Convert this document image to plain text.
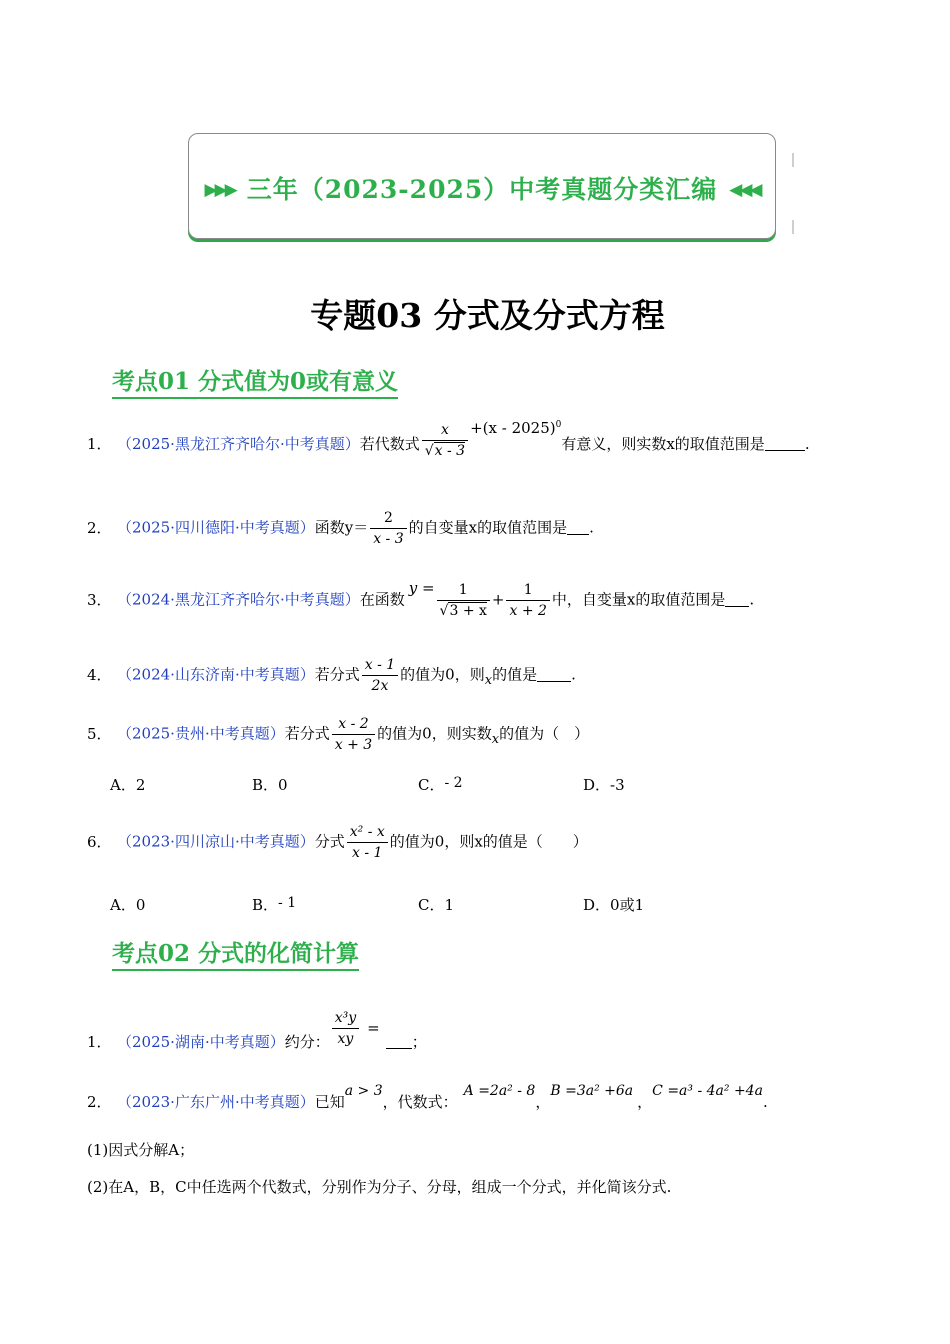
▶▶▶ 三年（2023-2025）中考真题分类汇编 ◀◀◀
专题03 分式及分式方程
考点01 分式值为0或有意义
1． （2025·黑龙江齐齐哈尔·中考真题）若代数式 $\frac{x}{√x - 3} +(x - 2025)^0$有意义，则实数x的取值范围是	.
2． （2025·四川德阳·中考真题）函数$y= \frac{2}{x - 3}$ 的自变量x的取值范围是 .
3． （2024·黑龙江齐齐哈尔·中考真题）在函数$y = \frac{1}{√3 + x} + \frac{1}{x + 2}$ 中，自变量x的取值范围是 .
4． （2024·山东济南·中考真题）若分式 $\frac{x - 1}{2x}$ 的值为0，则x的值是 .
5． （2025·贵州·中考真题）若分式 $\frac{x - 2}{x + 3}$ 的值为0，则实数x的值为（　）
A．2	B．0	C．- 2	D．-3
6． （2023·四川凉山·中考真题）分式 $\frac{\text{x² - x}}{x - 1}$ 的值为0，则x的值是（　　）
A．0	B．- 1	C．1	D．0或1
考点02 分式的化简计算
1． （2025·湖南·中考真题）约分： $\frac{\text{x³y}}{xy}$ =；
2． （2023·广东广州·中考真题）已知a > 3，代数式：A =2a² - 8，B =3a² +6a，C =a³ - 4a² +4a.
(1)因式分解A；
(2)在A，B，C中任选两个代数式，分别作为分子、分母，组成一个分式，并化简该分式.
